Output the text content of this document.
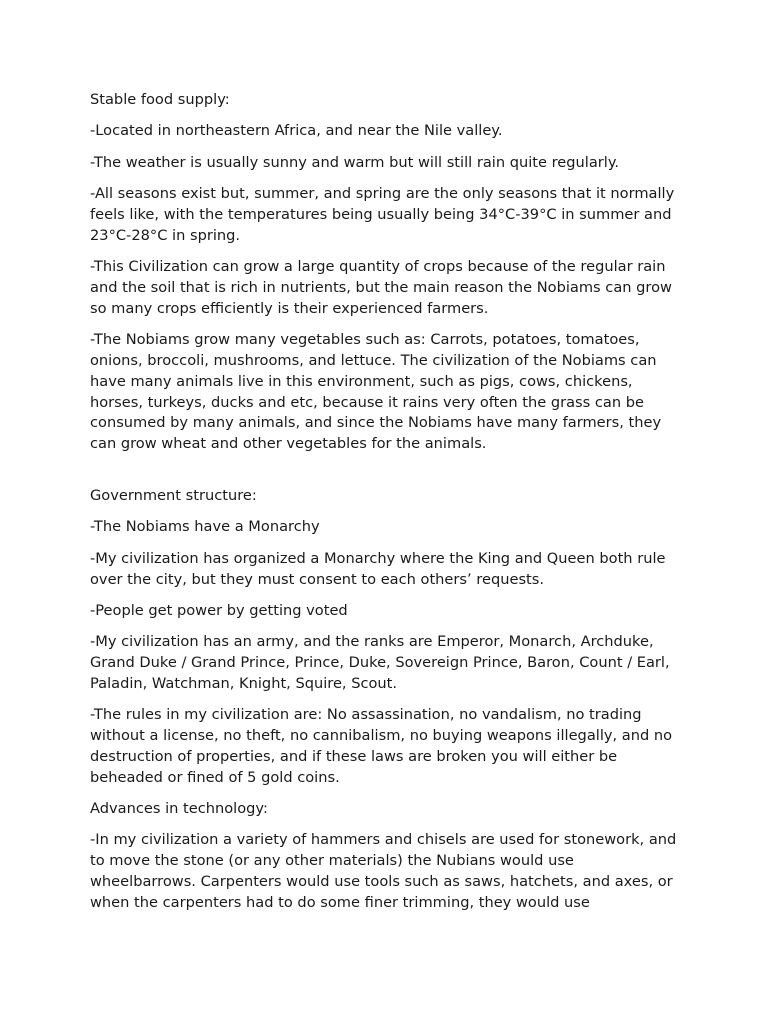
Stable food supply:

-Located in northeastern Africa, and near the Nile valley.

-The weather is usually sunny and warm but will still rain quite regularly.

-All seasons exist but, summer, and spring are the only seasons that it normally feels like, with the temperatures being usually being 34°C-39°C in summer and 23°C-28°C in spring.

-This Civilization can grow a large quantity of crops because of the regular rain and the soil that is rich in nutrients, but the main reason the Nobiams can grow so many crops efficiently is their experienced farmers.

-The Nobiams grow many vegetables such as: Carrots, potatoes, tomatoes, onions, broccoli, mushrooms, and lettuce. The civilization of the Nobiams can have many animals live in this environment, such as pigs, cows, chickens, horses, turkeys, ducks and etc, because it rains very often the grass can be consumed by many animals, and since the Nobiams have many farmers, they can grow wheat and other vegetables for the animals.

Government structure:

-The Nobiams have a Monarchy

-My civilization has organized a Monarchy where the King and Queen both rule over the city, but they must consent to each others’ requests.

-People get power by getting voted

-My civilization has an army, and the ranks are Emperor, Monarch, Archduke, Grand Duke / Grand Prince, Prince, Duke, Sovereign Prince, Baron, Count / Earl, Paladin, Watchman, Knight, Squire, Scout.

-The rules in my civilization are: No assassination, no vandalism, no trading without a license, no theft, no cannibalism, no buying weapons illegally, and no destruction of properties, and if these laws are broken you will either be beheaded or fined of 5 gold coins.

Advances in technology:

-In my civilization a variety of hammers and chisels are used for stonework, and to move the stone (or any other materials) the Nubians would use wheelbarrows. Carpenters would use tools such as saws, hatchets, and axes, or when the carpenters had to do some finer trimming, they would use
